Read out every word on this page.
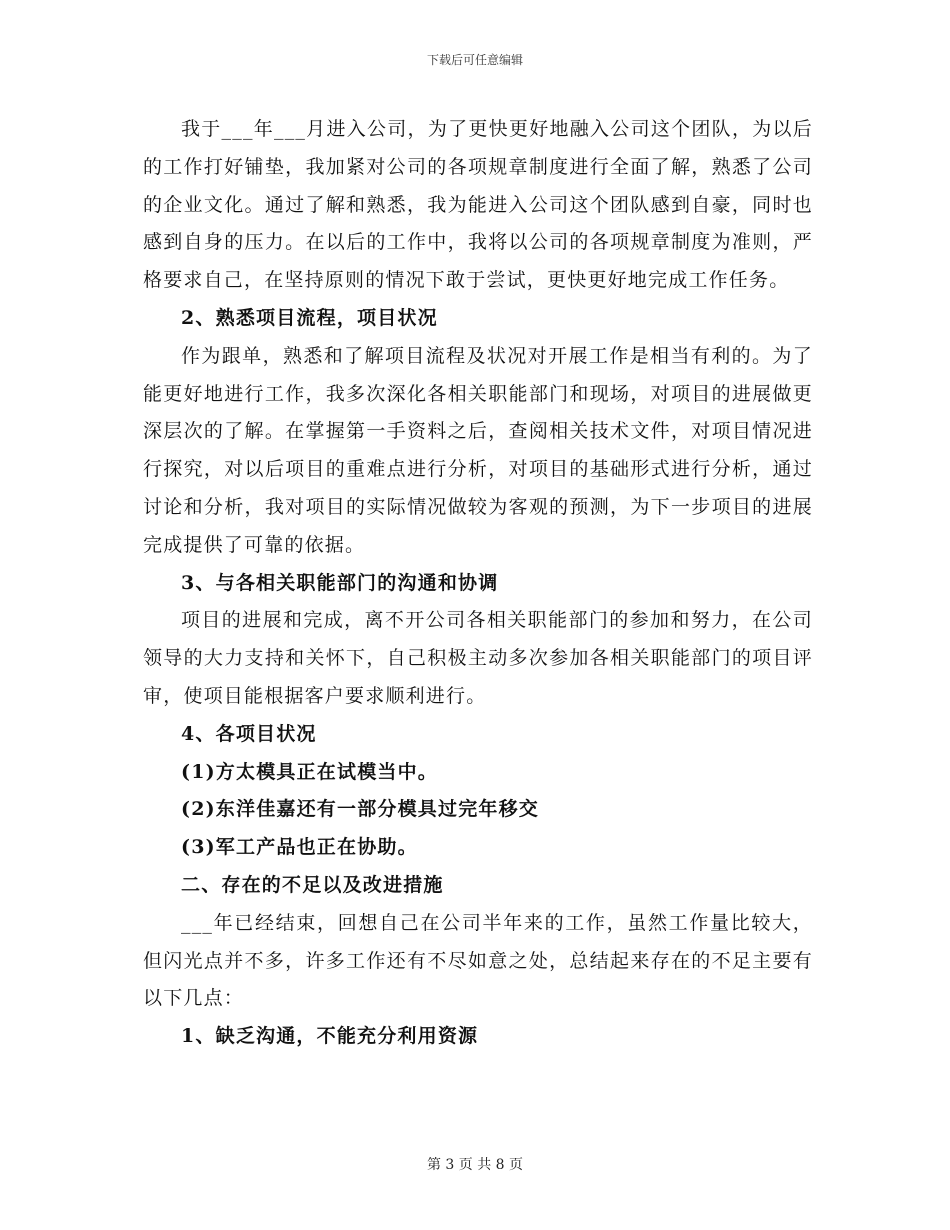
下载后可任意编辑

我于___年___月进入公司，为了更快更好地融入公司这个团队，为以后的工作打好铺垫，我加紧对公司的各项规章制度进行全面了解，熟悉了公司的企业文化。通过了解和熟悉，我为能进入公司这个团队感到自豪，同时也感到自身的压力。在以后的工作中，我将以公司的各项规章制度为准则，严格要求自己，在坚持原则的情况下敢于尝试，更快更好地完成工作任务。

2、熟悉项目流程，项目状况

作为跟单，熟悉和了解项目流程及状况对开展工作是相当有利的。为了能更好地进行工作，我多次深化各相关职能部门和现场，对项目的进展做更深层次的了解。在掌握第一手资料之后，查阅相关技术文件，对项目情况进行探究，对以后项目的重难点进行分析，对项目的基础形式进行分析，通过讨论和分析，我对项目的实际情况做较为客观的预测，为下一步项目的进展完成提供了可靠的依据。

3、与各相关职能部门的沟通和协调

项目的进展和完成，离不开公司各相关职能部门的参加和努力，在公司领导的大力支持和关怀下，自己积极主动多次参加各相关职能部门的项目评审，使项目能根据客户要求顺利进行。

4、各项目状况

(1)方太模具正在试模当中。

(2)东洋佳嘉还有一部分模具过完年移交

(3)军工产品也正在协助。

二、存在的不足以及改进措施

___年已经结束，回想自己在公司半年来的工作，虽然工作量比较大，但闪光点并不多，许多工作还有不尽如意之处，总结起来存在的不足主要有以下几点：

1、缺乏沟通，不能充分利用资源

第 3 页 共 8 页
